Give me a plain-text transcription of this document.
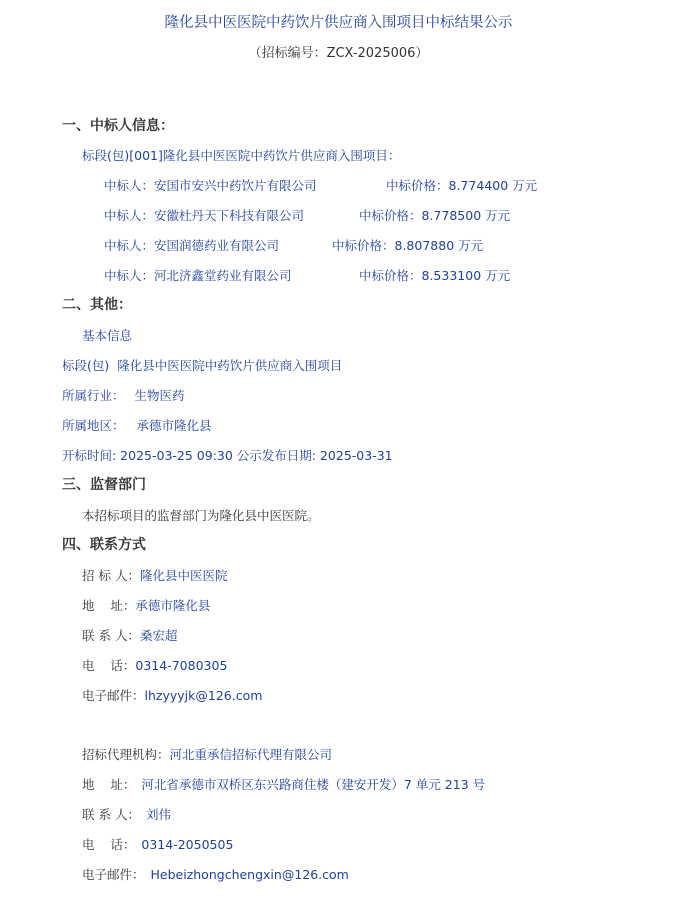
隆化县中医医院中药饮片供应商入围项目中标结果公示
（招标编号：ZCX-2025006）
一、中标人信息：
标段(包)[001]隆化县中医医院中药饮片供应商入围项目：
中标人：安国市安兴中药饮片有限公司	中标价格：8.774400 万元
中标人：安徽杜丹天下科技有限公司	中标价格：8.778500 万元
中标人：安国润德药业有限公司	中标价格：8.807880 万元
中标人：河北济鑫堂药业有限公司	中标价格：8.533100 万元
二、其他：
基本信息
标段(包) 隆化县中医医院中药饮片供应商入围项目
所属行业： 生物医药
所属地区： 承德市隆化县
开标时间: 2025-03-25 09:30 公示发布日期: 2025-03-31
三、监督部门
本招标项目的监督部门为隆化县中医医院。
四、联系方式
招 标 人：隆化县中医医院
地    址：承德市隆化县
联 系 人：桑宏超
电    话：0314-7080305
电子邮件：lhzyyyjk@126.com
招标代理机构：河北重承信招标代理有限公司
地    址： 河北省承德市双桥区东兴路商住楼（建安开发）7 单元 213 号
联 系 人： 刘伟
电    话： 0314-2050505
电子邮件： Hebeizhongchengxin@126.com
